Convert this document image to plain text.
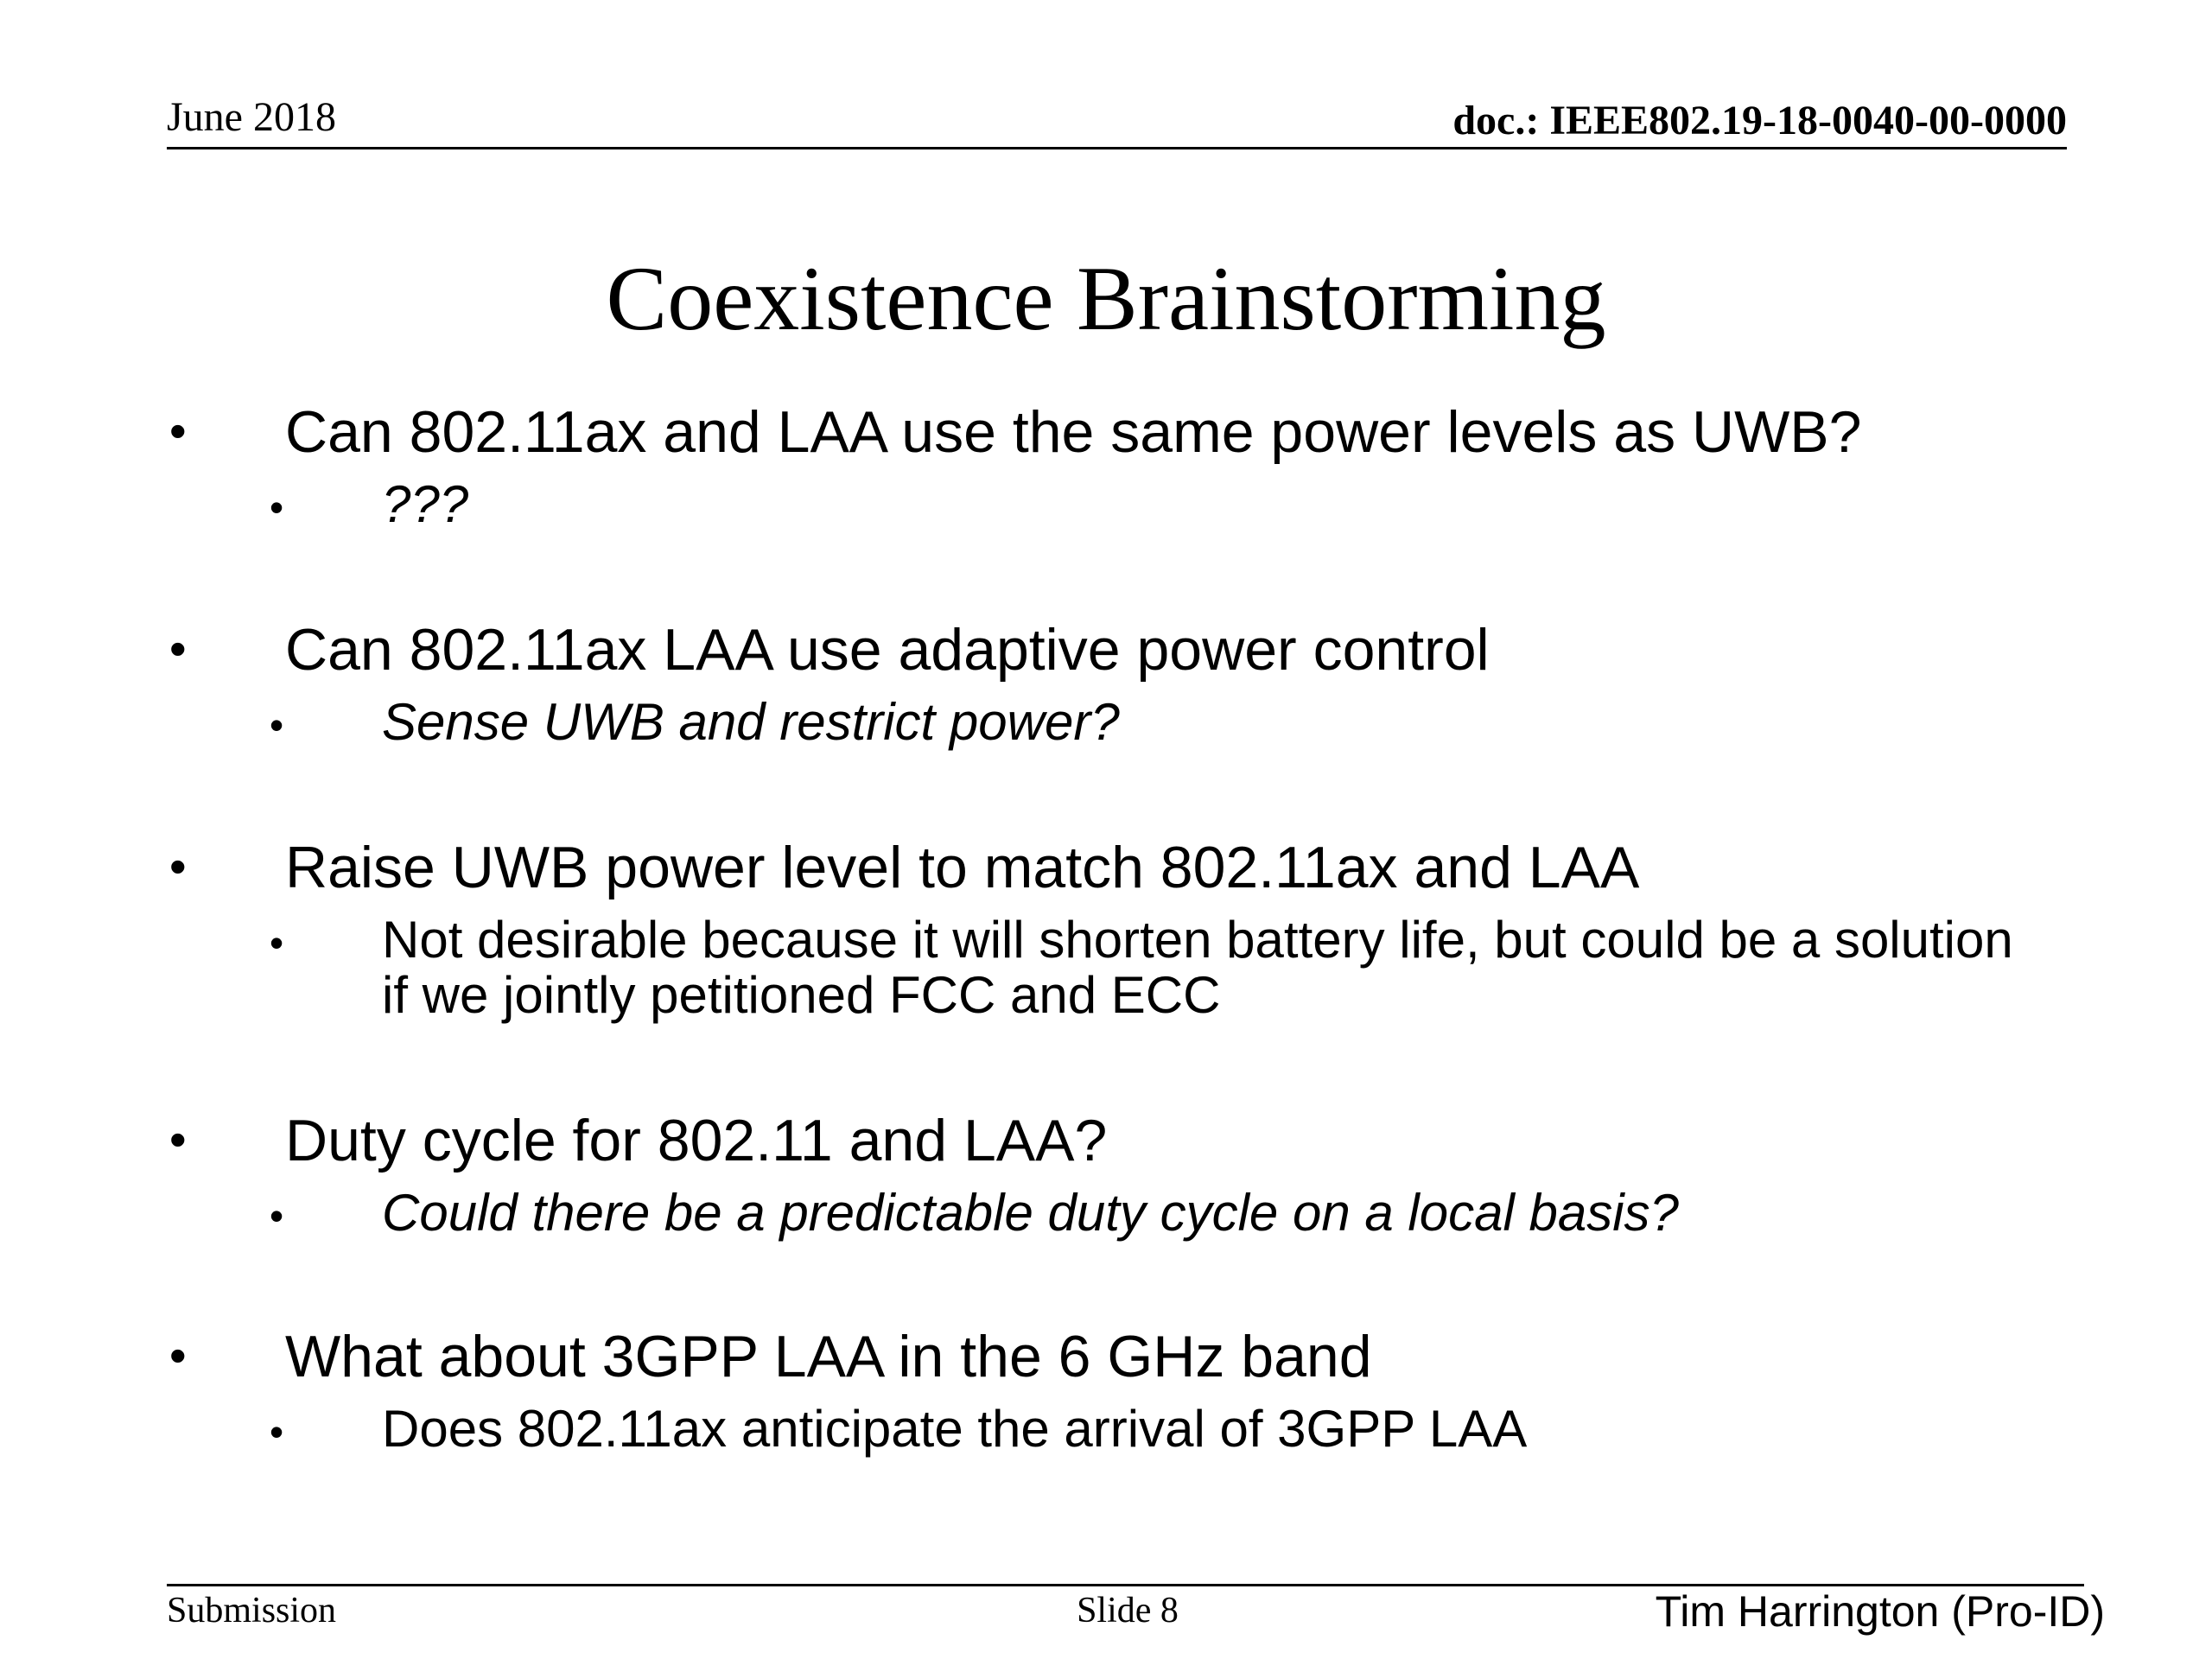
June 2018	doc.: IEEE802.19-18-0040-00-0000
Coexistence Brainstorming
• Can 802.11ax and LAA use the same power levels as UWB?
• ???
• Can 802.11ax LAA use adaptive power control
• Sense UWB and restrict power?
• Raise UWB power level to match 802.11ax and LAA
• Not desirable because it will shorten battery life, but could be a solution if we jointly petitioned FCC and ECC
• Duty cycle for 802.11 and LAA?
• Could there be a predictable duty cycle on a local basis?
• What about 3GPP LAA in the 6 GHz band
• Does 802.11ax anticipate the arrival of 3GPP LAA
Submission	Slide 8	Tim Harrington (Pro-ID)
